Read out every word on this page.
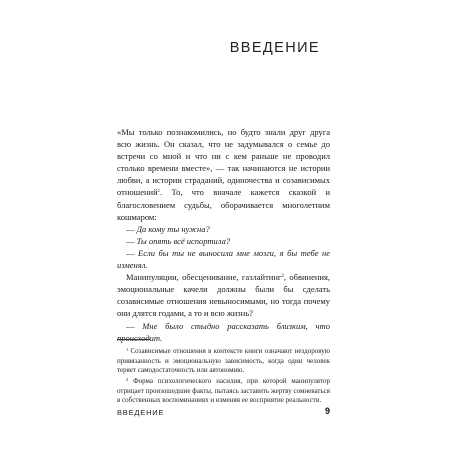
ВВЕДЕНИЕ

«Мы только познакомились, но будто знали друг друга всю жизнь. Он сказал, что не задумывался о семье до встречи со мной и что ни с кем раньше не проводил столько времени вместе», — так начинаются не истории любви, а истории страданий, одиночества и созависимых отношений$^1$. То, что вначале кажется сказкой и благословением судьбы, оборачивается многолетним кошмаром:

— Да кому ты нужна?

— Ты опять всё испортила?

— Если бы ты не выносила мне мозги, я бы тебе не изменял.

Манипуляции, обесценивание, газлайтинг$^2$, обвинения, эмоциональные качели должны были бы сделать созависимые отношения невыносимыми, но тогда почему они длятся годами, а то и всю жизнь?

— Мне было стыдно рассказать близким, что происходит.

$^1$ Созависимые отношения в контексте книги означают нездоровую привязанность и эмоциональную зависимость, когда один человек теряет самодостаточность или автономию.

$^2$ Форма психологического насилия, при которой манипулятор отрицает произошедшие факты, пытаясь заставить жертву сомневаться в собственных воспоминаниях и изменяя ее восприятие реальности.

ВВЕДЕНИЕ	9
